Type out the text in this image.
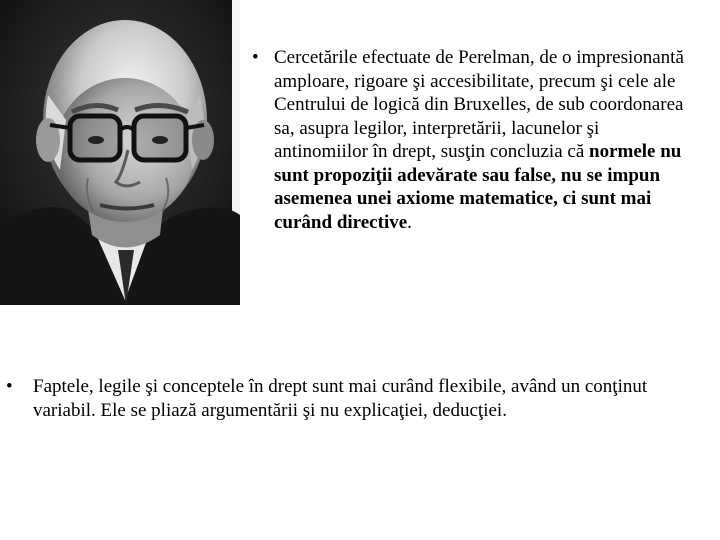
• Cercetările efectuate de Perelman, de o impresionantă amploare, rigoare şi accesibilitate, precum şi cele ale Centrului de logică din Bruxelles, de sub coordonarea sa, asupra legilor, interpretării, lacunelor şi antinomiilor în drept, susţin concluzia că normele nu sunt propoziţii adevărate sau false, nu se impun asemenea unei axiome matematice, ci sunt mai curând directive.
• Faptele, legile şi conceptele în drept sunt mai curând flexibile, având un conţinut variabil. Ele se pliază argumentării şi nu explicaţiei, deducţiei.
